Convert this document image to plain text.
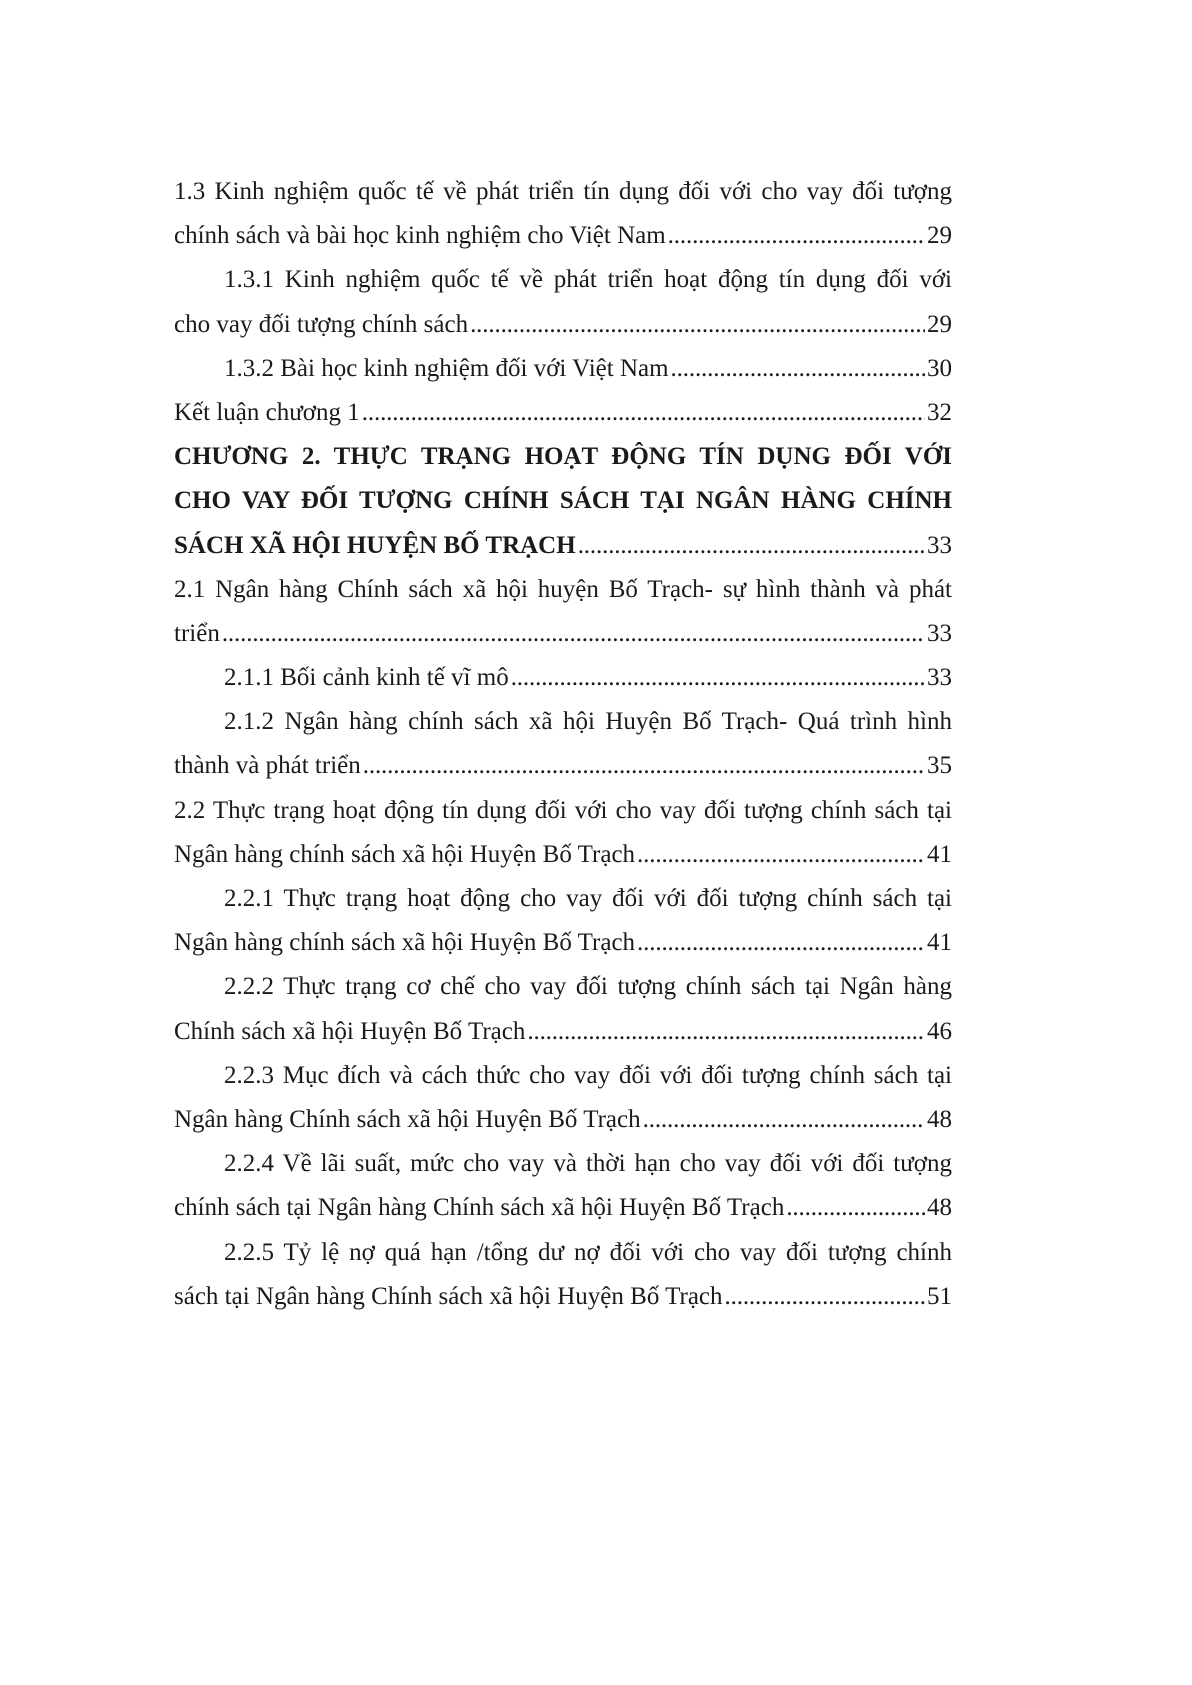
1.3 Kinh nghiệm quốc tế về phát triển tín dụng đối với cho vay đối tượng
chính sách và bài học kinh nghiệm cho Việt Nam . . .	29
1.3.1 Kinh nghiệm quốc tế về phát triển hoạt động tín dụng đối với
cho vay đối tượng chính sách . . .	29
1.3.2 Bài học kinh nghiệm đối với Việt Nam . . .	30
Kết luận chương 1 . . .	32
CHƯƠNG 2. THỰC TRẠNG HOẠT ĐỘNG TÍN DỤNG ĐỐI VỚI
CHO VAY ĐỐI TƯỢNG CHÍNH SÁCH TẠI NGÂN HÀNG CHÍNH
SÁCH XÃ HỘI HUYỆN BỐ TRẠCH . . .	33
2.1 Ngân hàng Chính sách xã hội huyện Bố Trạch- sự hình thành và phát
triển . . .	33
2.1.1 Bối cảnh kinh tế vĩ mô . . .	33
2.1.2 Ngân hàng chính sách xã hội Huyện Bố Trạch- Quá trình hình
thành và phát triển . . .	35
2.2 Thực trạng hoạt động tín dụng đối với cho vay đối tượng chính sách tại
Ngân hàng chính sách xã hội Huyện Bố Trạch . . .	41
2.2.1 Thực trạng hoạt động cho vay đối với đối tượng chính sách tại
Ngân hàng chính sách xã hội Huyện Bố Trạch . . .	41
2.2.2 Thực trạng cơ chế cho vay đối tượng chính sách tại Ngân hàng
Chính sách xã hội Huyện Bố Trạch . . .	46
2.2.3 Mục đích và cách thức cho vay đối với đối tượng chính sách tại
Ngân hàng Chính sách xã hội Huyện Bố Trạch . . .	48
2.2.4 Về lãi suất, mức cho vay và thời hạn cho vay đối với đối tượng
chính sách tại Ngân hàng Chính sách xã hội Huyện Bố Trạch . . .	48
2.2.5 Tỷ lệ nợ quá hạn /tổng dư nợ đối với cho vay đối tượng chính
sách tại Ngân hàng Chính sách xã hội Huyện Bố Trạch . . .	51
